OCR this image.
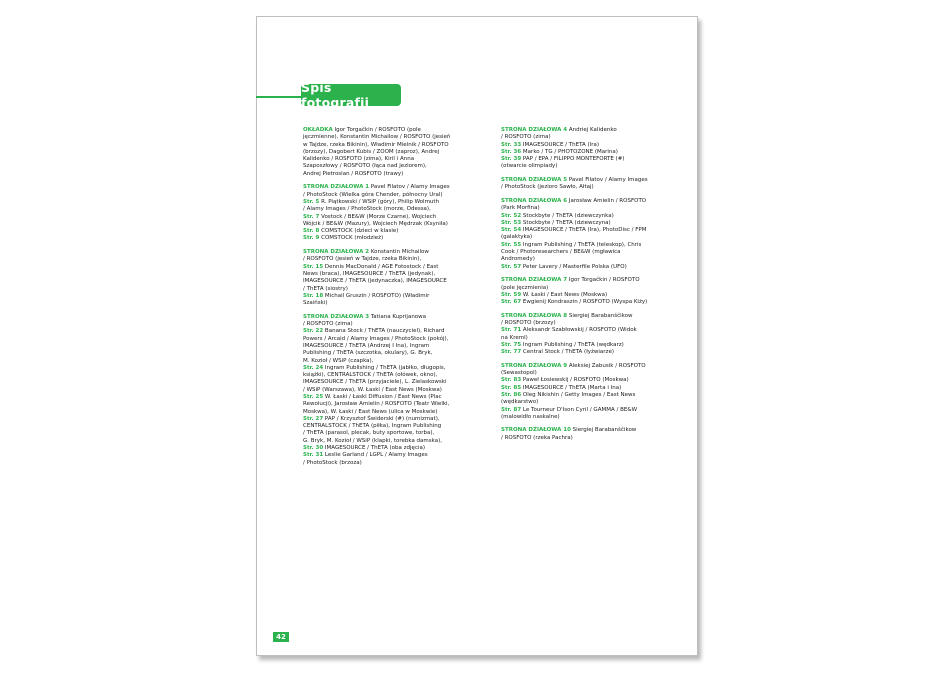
Spis fotografii
OKŁADKA Igor Torgačkin / ROSFOTO (pole
jęczmienne), Konstantin Michailow / ROSFOTO (jesień
w Tajdze, rzeka Bikinin), Władimir Mielnik / ROSFOTO
(brzozy), Dagobert Kubis / ZOOM (zaproz), Andrej
Kalidenko / ROSFOTO (zima), Kiril i Anna
Szaposzłowy / ROSFOTO (łąca nad jeziorem),
Andrej Pietrosian / ROSFOTO (trawy)
STRONA DZIAŁOWA 1 Pavel Filatov / Alamy Images
/ PhotoStock (Wielka góra Chender, północny Ural)
Str. 5 R. Piątkowski / WSiP (góry), Philip Wolmuth
/ Alamy Images / PhotoStock (morze, Odessa),
Str. 7 Vostock / BE&W (Morze Czarne), Wojciech
Wójcik / BE&W (Mazury), Wojciech Mędrzak (Ksyniła)
Str. 8 COMSTOCK (dzieci w klasie)
Str. 9 COMSTOCK (młodzież)
STRONA DZIAŁOWA 2 Konstantin Michailow
/ ROSFOTO (jesień w Tajdze, rzeka Bikinin),
Str. 15 Dennis MacDonald / AGE Fotostock / East
News (braca), IMAGESOURCE / ThETA (jedynak),
IMAGESOURCE / ThETA (jedynaczka), IMAGESOURCE
/ ThETA (siostry)
Str. 18 Michail Gruszin / ROSFOTO) (Władimir
Szaiński)
STRONA DZIAŁOWA 3 Tatiana Kuprijanowa
/ ROSFOTO (zima)
Str. 22 Banana Stock / ThETA (nauczyciel), Richard
Powers / Arcaid / Alamy Images / PhotoStock (pokój),
IMAGESOURCE / ThETA (Andrzej I Ina), Ingram
Publishing / ThETA (szczotka, okulary), G. Bryk,
M. Kozioł / WSiP (czapka),
Str. 24 Ingram Publishing / ThETA (jabłko, długopis,
książki), CENTRALSTOCK / ThETA (ołówek, okno),
IMAGESOURCE / ThETA (przyjaciele), L. Zielaskowski
/ WSiP (Warszawa), W. Łaski / East News (Moskwa)
Str. 25 W. Łaski / Łaski Diffusion / East News (Plac
Rewolucji), Jarosław Amielin / ROSFOTO (Teatr Wielki,
Moskwa), W. Łaski / East News (ulica w Moskwie)
Str. 27 PAP / Krzysztof Świderski (#) (numizmat),
CENTRALSTOCK / ThETA (piłka), Ingram Publishing
/ ThETA (parasol, plecak, buty sportowe, torba),
G. Bryk, M. Kozioł / WSiP (klapki, torebka damska),
Str. 30 IMAGESOURCE / ThETA (oba zdjęcia)
Str. 31 Leslie Garland / LGPL / Alamy Images
/ PhotoStock (brzoza)
STRONA DZIAŁOWA 4 Andriej Kalidenko
/ ROSFOTO (zima)
Str. 33 IMAGESOURCE / ThETA (Ira)
Str. 36 Marko / TG / PHOTOZONE (Marina)
Str. 39 PAP / EPA / FILIPPO MONTEFORTE (#)
(otwarcie olimpiady)
STRONA DZIAŁOWA 5 Pavel Filatov / Alamy Images
/ PhotoStock (jezioro Sawło, Ałtaj)
STRONA DZIAŁOWA 6 Jarosław Amielin / ROSFOTO
(Park Morfina)
Str. 52 Stockbyte / ThETA (dziewczynka)
Str. 53 Stockbyte / ThETA (dziewczyna)
Str. 54 IMAGESOURCE / ThETA (Ira), PhotoDisc / FPM
(galaktyka)
Str. 55 Ingram Publishing / ThETA (teleskop), Chris
Cook / Photoresearchers / BE&W (mgławica
Andromedy)
Str. 57 Peter Lavery / Masterfile Polska (UFO)
STRONA DZIAŁOWA 7 Igor Torgačkin / ROSFOTO
(pole jęczmienia)
Str. 59 W. Łaski / East News (Moskwa)
Str. 67 Ewgienij Kondraszin / ROSFOTO (Wyspa Kiży)
STRONA DZIAŁOWA 8 Siergiej Barabanščikow
/ ROSFOTO (brzozy)
Str. 71 Aleksandr Szabłowskij / ROSFOTO (Widok
na Kreml)
Str. 75 Ingram Publishing / ThETA (wędkarz)
Str. 77 Central Stock / ThETA (łyżwiarze)
STRONA DZIAŁOWA 9 Aleksiej Zabusik / ROSFOTO
(Sewastopol)
Str. 83 Paweł Łosiewskij / ROSFOTO (Moskwa)
Str. 85 IMAGESOURCE / ThETA (Marta i Ina)
Str. 86 Oleg Nikishin / Getty Images / East News
(wędkarstwo)
Str. 87 Le Tourneur D'Ison Cyril / GAMMA / BE&W
(malowidło naskalne)
STRONA DZIAŁOWA 10 Siergiej Barabanščikow
/ ROSFOTO (rzeka Pachra)
42
